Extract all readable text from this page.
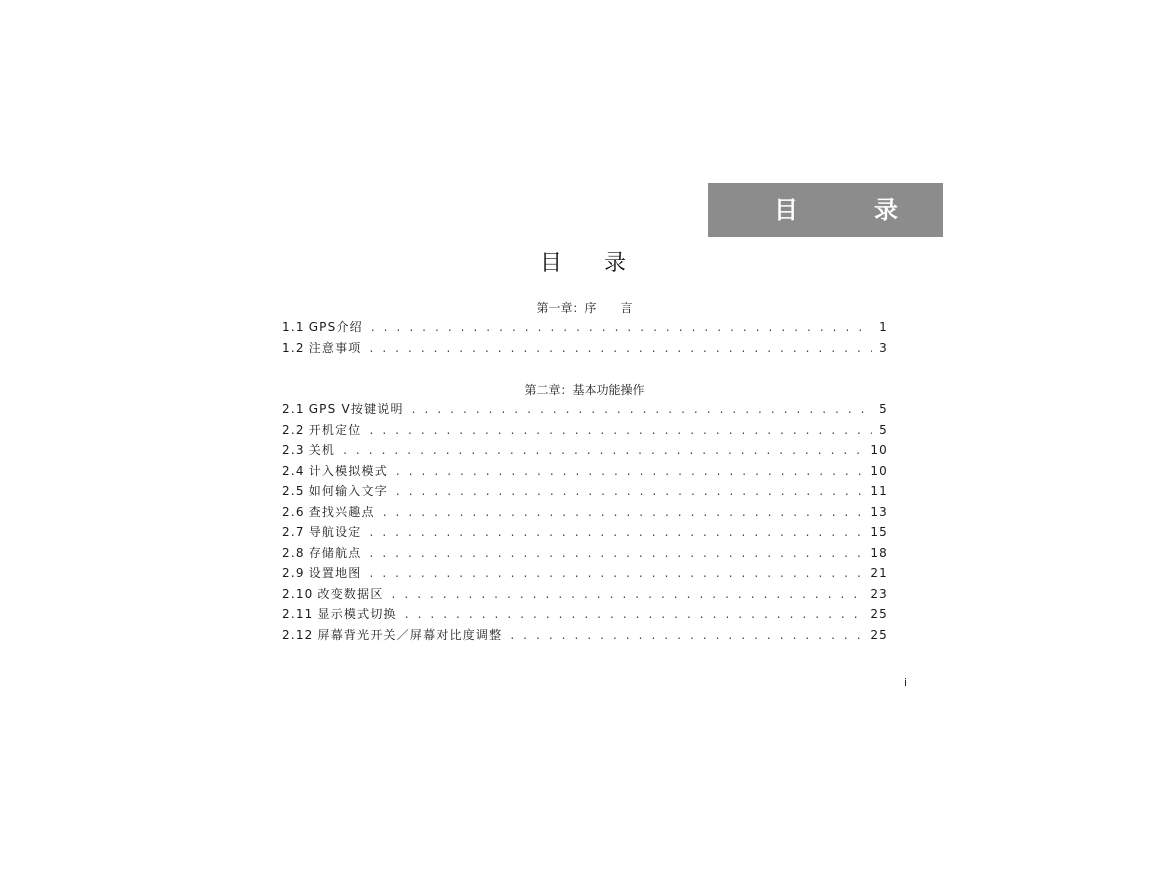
目	录
目录
第一章：序　　言
1.1 GPS介绍 . . .	1
1.2 注意事项 . . .	3
第二章：基本功能操作
2.1 GPS V按键说明 . . .	5
2.2 开机定位 . . .	5
2.3 关机 . . .	10
2.4 计入模拟模式 . . .	10
2.5 如何输入文字 . . .	11
2.6 查找兴趣点 . . .	13
2.7 导航设定 . . .	15
2.8 存储航点 . . .	18
2.9 设置地图 . . .	21
2.10 改变数据区 . . .	23
2.11 显示模式切换 . . .	25
2.12 屏幕背光开关／屏幕对比度调整 . . .	25
i
